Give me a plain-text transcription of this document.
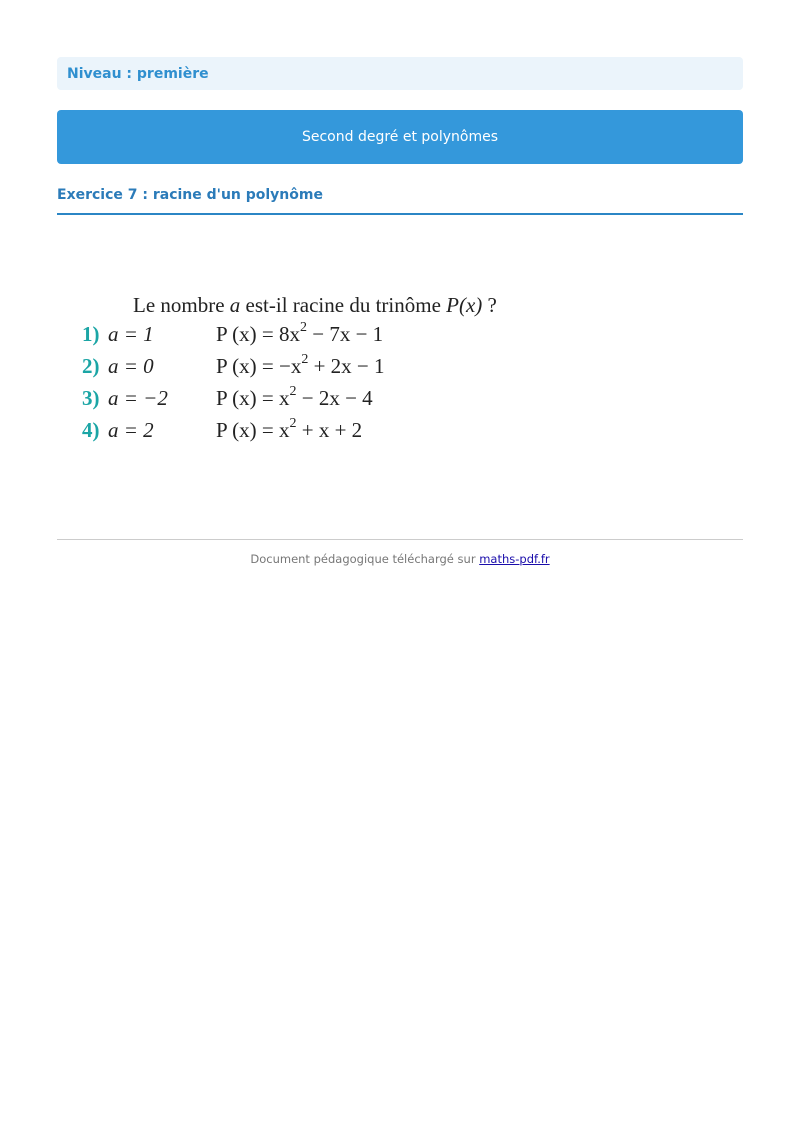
Niveau : première
Second degré et polynômes
Exercice 7 : racine d'un polynôme
Le nombre a est-il racine du trinôme P(x) ?
1) a = 1	P $(x) = 8x^2 - 7x - 1$
2) a = 0	P $(x) = -x^2 + 2x - 1$
3) a = −2	P $(x) = x^2 - 2x - 4$
4) a = 2	P $(x) = x^2 + x + 2$
Document pédagogique téléchargé sur maths-pdf.fr
